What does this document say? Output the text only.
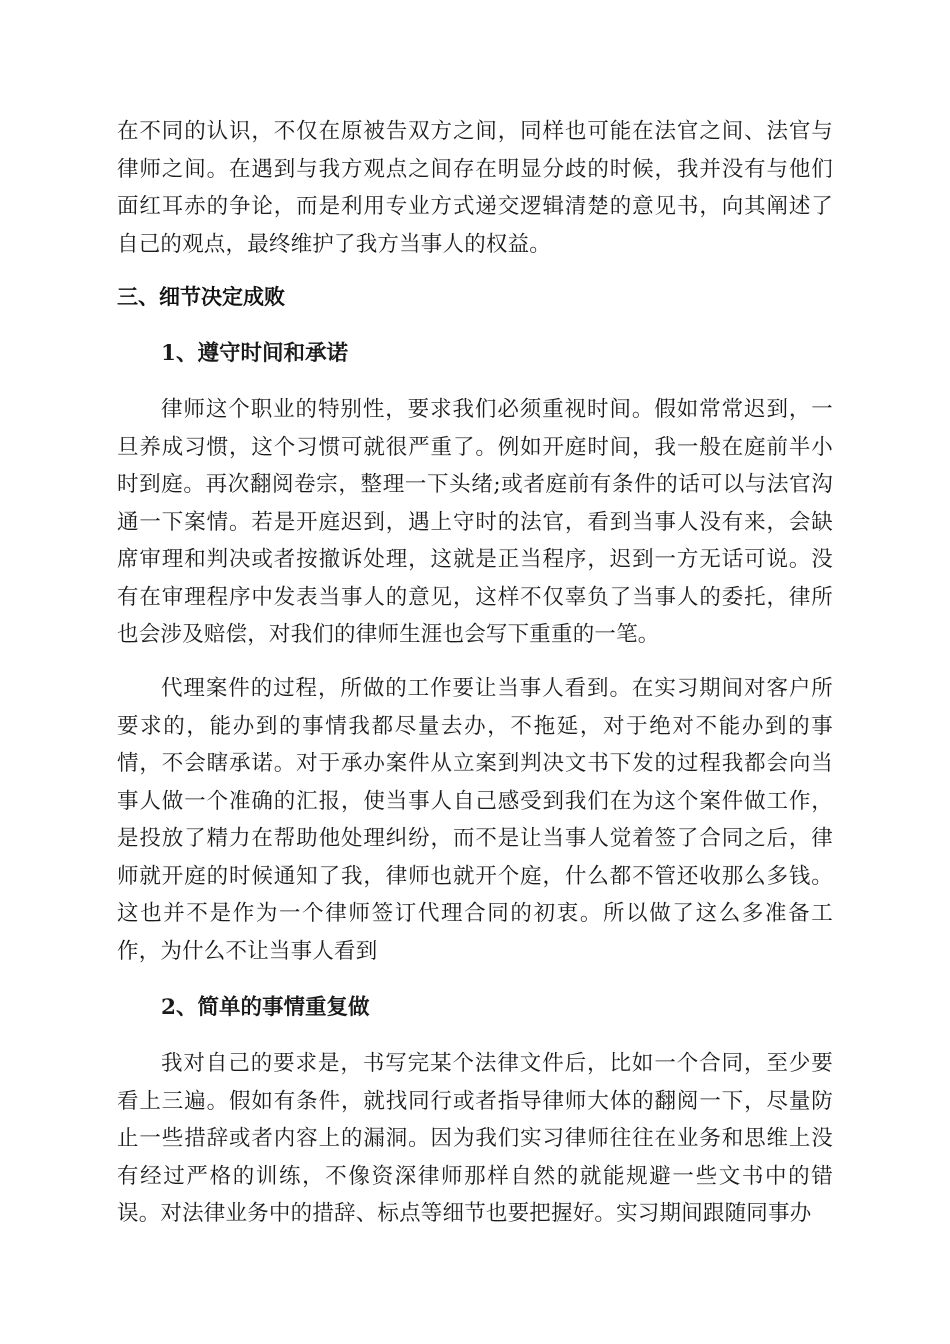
在不同的认识，不仅在原被告双方之间，同样也可能在法官之间、法官与律师之间。在遇到与我方观点之间存在明显分歧的时候，我并没有与他们面红耳赤的争论，而是利用专业方式递交逻辑清楚的意见书，向其阐述了自己的观点，最终维护了我方当事人的权益。

三、细节决定成败
1、遵守时间和承诺

律师这个职业的特别性，要求我们必须重视时间。假如常常迟到，一旦养成习惯，这个习惯可就很严重了。例如开庭时间，我一般在庭前半小时到庭。再次翻阅卷宗，整理一下头绪;或者庭前有条件的话可以与法官沟通一下案情。若是开庭迟到，遇上守时的法官，看到当事人没有来，会缺席审理和判决或者按撤诉处理，这就是正当程序，迟到一方无话可说。没有在审理程序中发表当事人的意见，这样不仅辜负了当事人的委托，律所也会涉及赔偿，对我们的律师生涯也会写下重重的一笔。

代理案件的过程，所做的工作要让当事人看到。在实习期间对客户所要求的，能办到的事情我都尽量去办，不拖延，对于绝对不能办到的事情，不会瞎承诺。对于承办案件从立案到判决文书下发的过程我都会向当事人做一个准确的汇报，使当事人自己感受到我们在为这个案件做工作，是投放了精力在帮助他处理纠纷，而不是让当事人觉着签了合同之后，律师就开庭的时候通知了我，律师也就开个庭，什么都不管还收那么多钱。这也并不是作为一个律师签订代理合同的初衷。所以做了这么多准备工作，为什么不让当事人看到

2、简单的事情重复做

我对自己的要求是，书写完某个法律文件后，比如一个合同，至少要看上三遍。假如有条件，就找同行或者指导律师大体的翻阅一下，尽量防止一些措辞或者内容上的漏洞。因为我们实习律师往往在业务和思维上没有经过严格的训练，不像资深律师那样自然的就能规避一些文书中的错误。对法律业务中的措辞、标点等细节也要把握好。实习期间跟随同事办
